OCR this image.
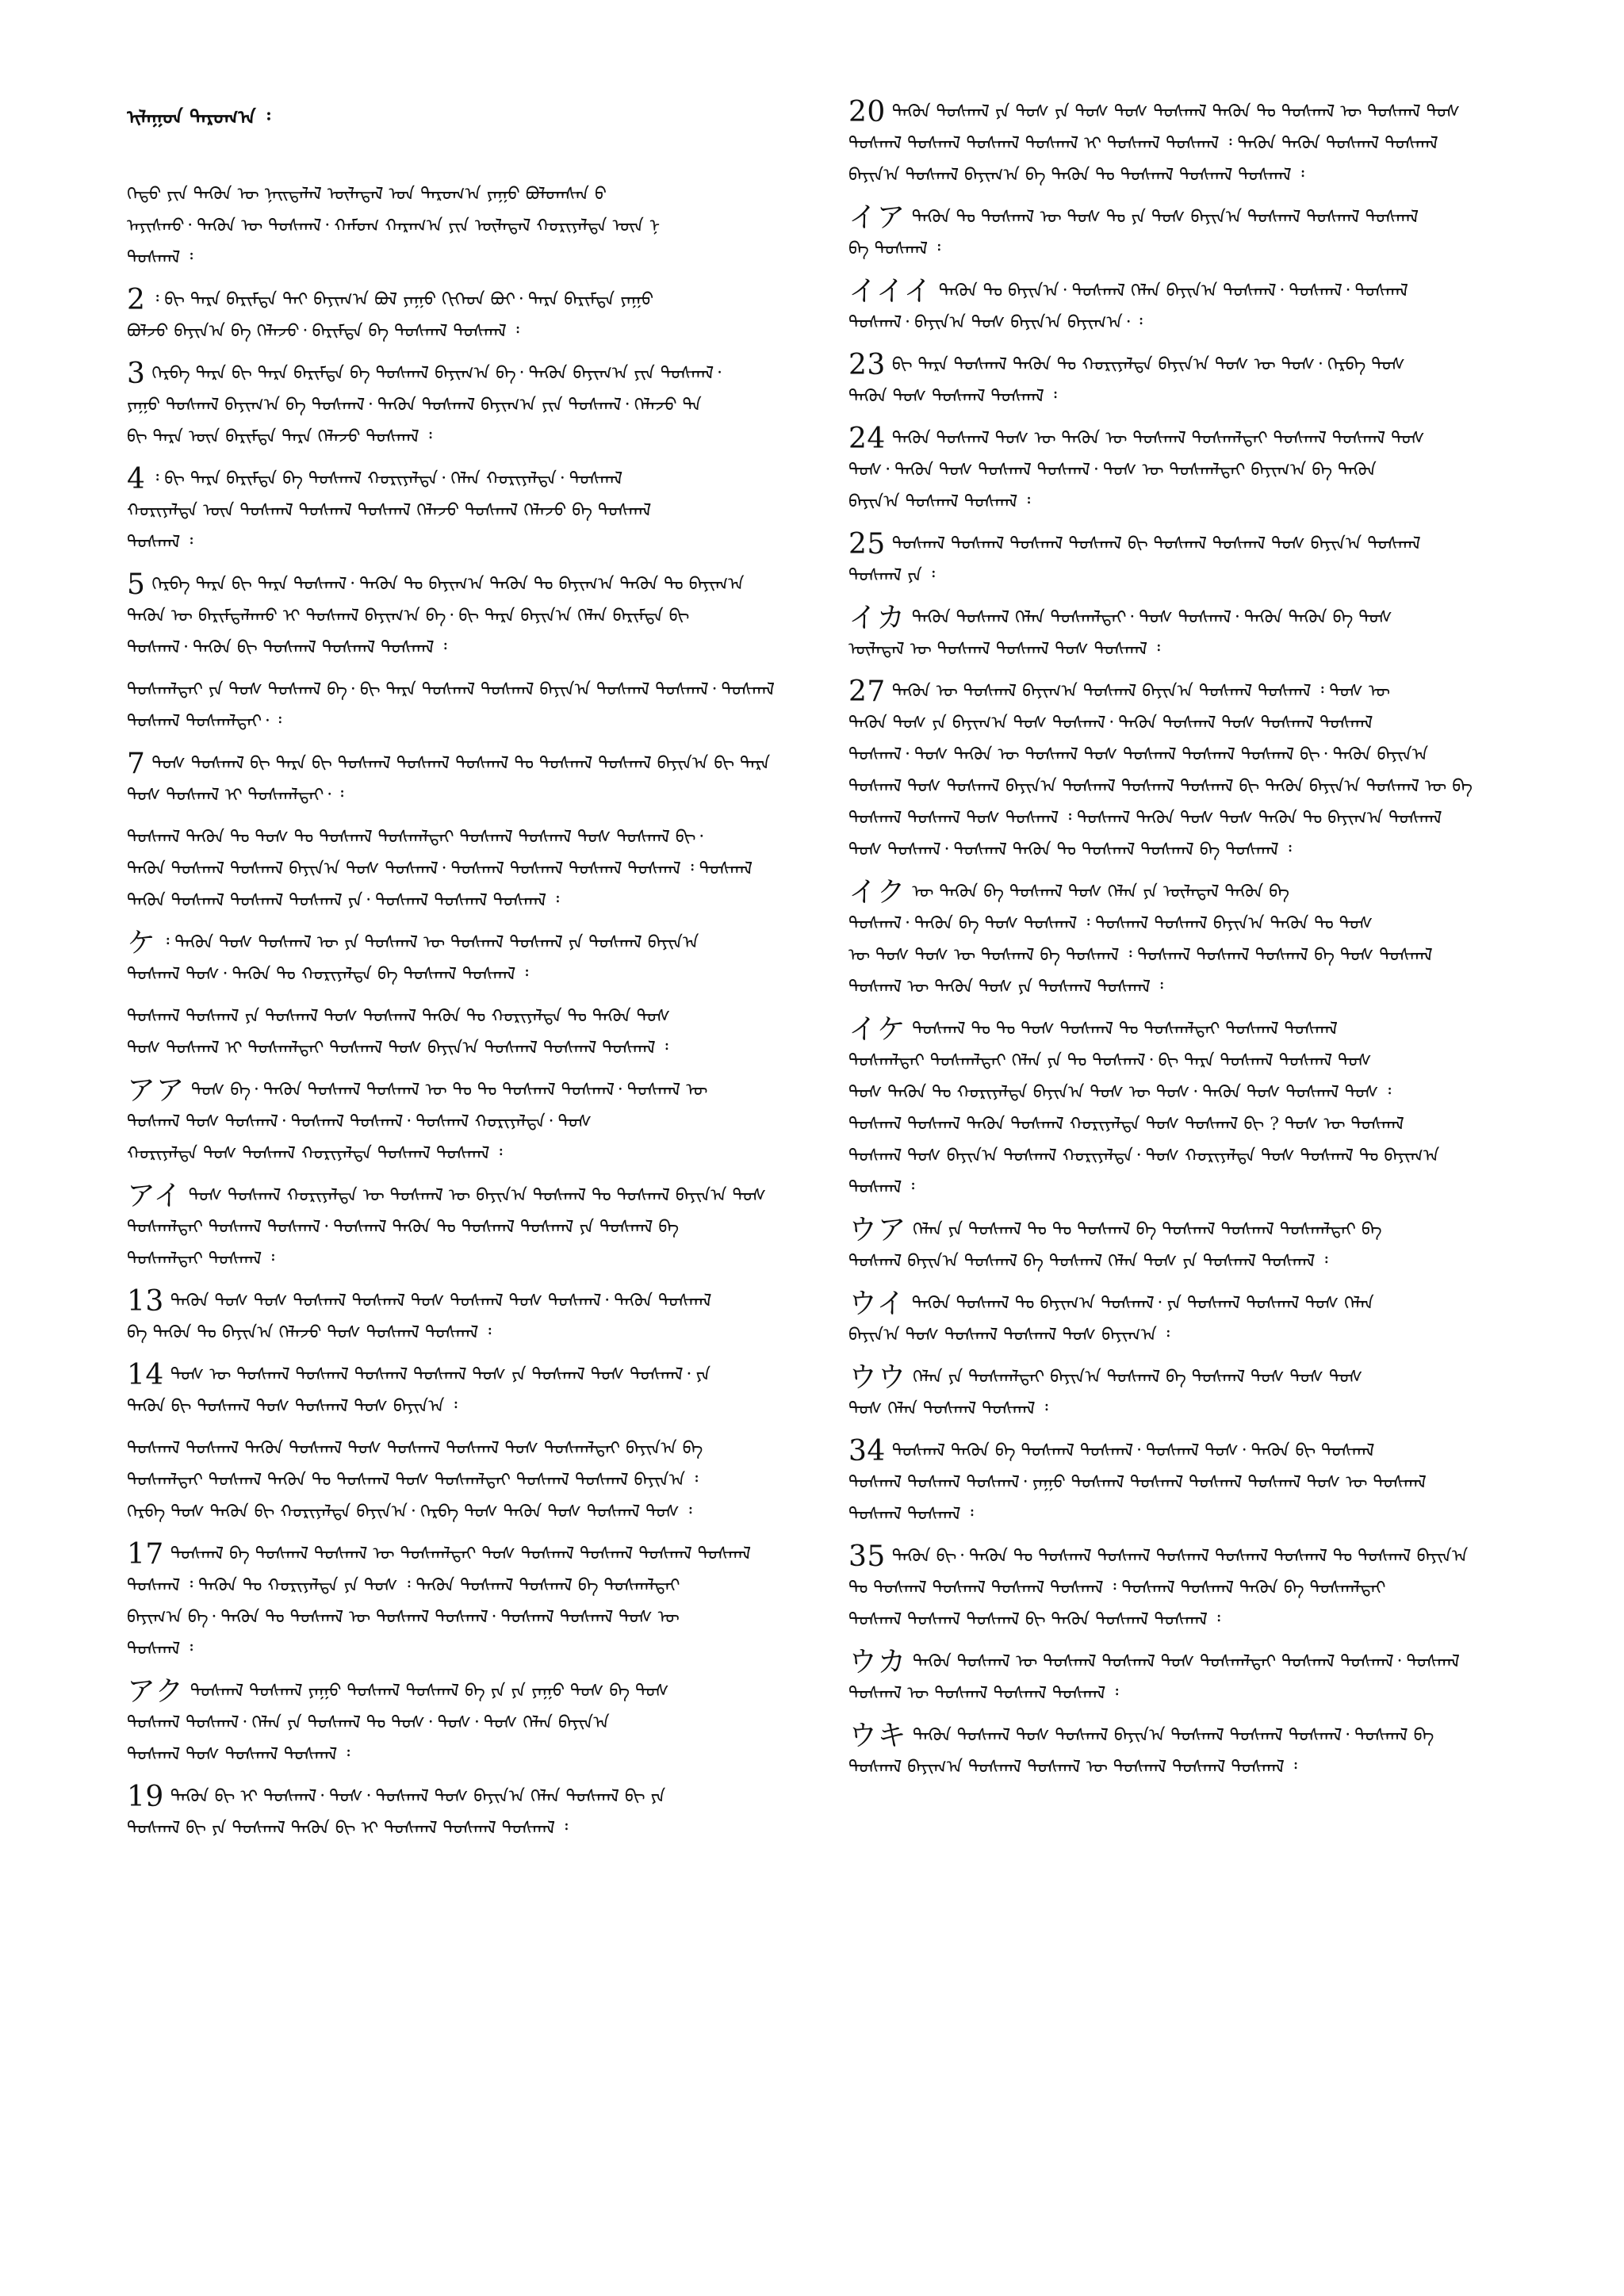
ᠢᠯᠠᠭᠤᠨ ᠳᠠᠷᠤᠭ᠎ᠠ ᠄
ᠬᠡᠳᠦ ᠶᠢᠨ ᠲᠡᠭᠦᠨ ᠦ ᠨᠡᠢᠲᠡᠯᠡᠯ ᠦᠯᠡᠳᠡᠯ ᠤᠨ ᠳᠠᠷᠤᠭ᠎ᠠ ᠶᠠᠭᠤ ᠪᠤᠯᠤᠭᠰᠠᠨ ᠪ
ᠠᠶᠢᠰᠬᠤ᠂ ᠲᠡᠭᠦᠨ ᠦ ᠲᠤᠰᠬᠠᠯ᠂ ᠬᠠᠮᠤᠭ ᠬᠠᠷᠠᠭ᠎ᠠ ᠶᠢᠨ ᠦᠯᠡᠳᠡᠯ ᠬᠤᠷᠢᠶᠠᠯᠲᠠ ᠦᠨ ᠨ
ᠲᠤᠰᠬᠠᠯ ᠄
2 ᠄ ᠪᠢ ᠲᠡᠷᠡ ᠪᠠᠷᠢᠮᠲᠠ ᠲᠠᠢ ᠪᠠᠶᠢᠭ᠎ᠠ ᠪᠣᠯ ᠶᠠᠭᠤ ᠬᠢᠭᠡᠳ ᠪᠤᠢ᠂ ᠲᠡᠷᠡ ᠪᠠᠷᠢᠮᠲᠠ ᠶᠠᠭᠤ
ᠪᠣᠯᠵᠤ ᠪᠠᠶᠢᠨ᠎ᠠ ᠪᠡ ᠬᠡᠯᠡᠵᠦ᠂ ᠪᠠᠷᠢᠮᠲᠠ ᠪᠡ ᠲᠤᠰᠬᠠᠯ ᠲᠤᠰᠬᠠᠯ ᠄
3 ᠬᠡᠷᠪᠡ ᠲᠡᠷᠡ ᠪᠢ ᠲᠡᠷᠡ ᠪᠠᠷᠢᠮᠲᠠ ᠪᠡ ᠲᠤᠰᠬᠠᠯ ᠪᠠᠶᠢᠭ᠎ᠠ ᠪᠡ᠂ ᠲᠡᠭᠦᠨ ᠪᠠᠶᠢᠭ᠎ᠠ ᠶᠢᠨ ᠲᠤᠰᠬᠠᠯ᠂
ᠶᠠᠭᠤ ᠲᠤᠰᠬᠠᠯ ᠪᠠᠶᠢᠭ᠎ᠠ ᠪᠡ ᠲᠤᠰᠬᠠᠯ᠂ ᠲᠡᠭᠦᠨ ᠲᠤᠰᠬᠠᠯ ᠪᠠᠶᠢᠭ᠎ᠠ ᠶᠢᠨ ᠲᠤᠰᠬᠠᠯ᠂ ᠬᠡᠯᠡᠵᠦ ᠲᠡ
ᠪᠢ ᠲᠡᠷᠡ ᠦᠨ ᠪᠠᠷᠢᠮᠲᠠ ᠲᠡᠷᠡ ᠬᠡᠯᠡᠵᠦ ᠲᠤᠰᠬᠠᠯ ᠄
4 ᠄ ᠪᠢ ᠲᠡᠷᠡ ᠪᠠᠷᠢᠮᠲᠠ ᠪᠡ ᠲᠤᠰᠬᠠᠯ ᠬᠤᠷᠢᠶᠠᠯᠲᠠ᠂ ᠬᠡᠯᠡᠨ ᠬᠤᠷᠢᠶᠠᠯᠲᠠ᠂ ᠲᠤᠰᠬᠠᠯ
ᠬᠤᠷᠢᠶᠠᠯᠲᠠ ᠦᠨ ᠲᠤᠰᠬᠠᠯ ᠲᠤᠰᠬᠠᠯ ᠲᠤᠰᠬᠠᠯ ᠬᠡᠯᠡᠵᠦ ᠲᠤᠰᠬᠠᠯ ᠬᠡᠯᠡᠵᠦ ᠪᠡ ᠲᠤᠰᠬᠠᠯ
ᠲᠤᠰᠬᠠᠯ ᠄
5 ᠬᠡᠷᠪᠡ ᠲᠡᠷᠡ ᠪᠢ ᠲᠡᠷᠡ ᠲᠤᠰᠬᠠᠯ᠂ ᠲᠡᠭᠦᠨ ᠲᠤ ᠪᠠᠶᠢᠭ᠎ᠠ ᠲᠡᠭᠦᠨ ᠲᠤ ᠪᠠᠶᠢᠭ᠎ᠠ ᠲᠡᠭᠦᠨ ᠲᠤ ᠪᠠᠶᠢᠭ᠎ᠠ
ᠲᠡᠭᠦᠨ ᠦ ᠪᠠᠷᠢᠮᠲᠠᠯᠠᠬᠤ ᠢ ᠲᠤᠰᠬᠠᠯ ᠪᠠᠶᠢᠭ᠎ᠠ ᠪᠡ᠂ ᠪᠢ ᠲᠡᠷᠡ ᠪᠠᠶᠢᠨ᠎ᠠ ᠬᠡᠯᠡᠨ ᠪᠠᠷᠢᠮᠲᠠ ᠪᠢ
ᠲᠤᠰᠬᠠᠯ᠂ ᠲᠡᠭᠦᠨ ᠪᠢ ᠲᠤᠰᠬᠠᠯ ᠲᠤᠰᠬᠠᠯ ᠲᠤᠰᠬᠠᠯ ᠄
ᠲᠤᠰᠬᠠᠯᠲᠠᠢ ᠶᠠ ᠲᠤᠰ ᠲᠤᠰᠬᠠᠯ ᠪᠠ᠂ ᠪᠢ ᠲᠡᠷᠡ ᠲᠤᠰᠬᠠᠯ ᠲᠤᠰᠬᠠᠯ ᠪᠠᠶᠢᠨ᠎ᠠ ᠲᠤᠰᠬᠠᠯ ᠲᠤᠰᠬᠠᠯ᠂ ᠲᠤᠰᠬᠠᠯ
ᠲᠤᠰᠬᠠᠯ ᠲᠤᠰᠬᠠᠯᠲᠠᠢ᠂ ᠄
7 ᠲᠤᠰ ᠲᠤᠰᠬᠠᠯ ᠪᠢ ᠲᠡᠷᠡ ᠪᠢ ᠲᠤᠰᠬᠠᠯ ᠲᠤᠰᠬᠠᠯ ᠲᠤᠰᠬᠠᠯ ᠲᠤ ᠲᠤᠰᠬᠠᠯ ᠲᠤᠰᠬᠠᠯ ᠪᠠᠶᠢᠨ᠎ᠠ ᠪᠢ ᠲᠡᠷᠡ
ᠲᠤᠰ ᠲᠤᠰᠬᠠᠯ ᠢ ᠲᠤᠰᠬᠠᠯᠲᠠᠢ᠂ ᠄
ᠲᠤᠰᠬᠠᠯ ᠲᠡᠭᠦᠨ ᠲᠤ ᠲᠤᠰ ᠲᠤ ᠲᠤᠰᠬᠠᠯ ᠲᠤᠰᠬᠠᠯᠲᠠᠢ ᠲᠤᠰᠬᠠᠯ ᠲᠤᠰᠬᠠᠯ ᠲᠤᠰ ᠲᠤᠰᠬᠠᠯ ᠪᠢ᠂
ᠲᠡᠭᠦᠨ ᠲᠤᠰᠬᠠᠯ ᠲᠤᠰᠬᠠᠯ ᠪᠠᠶᠢᠨ᠎ᠠ ᠲᠤᠰ ᠲᠤᠰᠬᠠᠯ᠂ ᠲᠤᠰᠬᠠᠯ ᠲᠤᠰᠬᠠᠯ ᠲᠤᠰᠬᠠᠯ ᠲᠤᠰᠬᠠᠯ ᠄ ᠲᠤᠰᠬᠠᠯ
ᠲᠡᠭᠦᠨ ᠲᠤᠰᠬᠠᠯ ᠲᠤᠰᠬᠠᠯ ᠲᠤᠰᠬᠠᠯ ᠶᠠ᠂ ᠲᠤᠰᠬᠠᠯ ᠲᠤᠰᠬᠠᠯ ᠲᠤᠰᠬᠠᠯ ᠄
ケ ᠄ ᠲᠡᠭᠦᠨ ᠲᠤᠰ ᠲᠤᠰᠬᠠᠯ ᠦ ᠶᠠ ᠲᠤᠰᠬᠠᠯ ᠦ ᠲᠤᠰᠬᠠᠯ ᠲᠤᠰᠬᠠᠯ ᠶᠠ ᠲᠤᠰᠬᠠᠯ ᠪᠠᠶᠢᠨ᠎ᠠ
ᠲᠤᠰᠬᠠᠯ ᠲᠤᠰ᠂ ᠲᠡᠭᠦᠨ ᠲᠤ ᠬᠤᠷᠢᠶᠠᠯᠲᠠ ᠪᠡ ᠲᠤᠰᠬᠠᠯ ᠲᠤᠰᠬᠠᠯ ᠄
ᠲᠤᠰᠬᠠᠯ ᠲᠤᠰᠬᠠᠯ ᠶᠠ ᠲᠤᠰᠬᠠᠯ ᠲᠤᠰ ᠲᠤᠰᠬᠠᠯ ᠲᠡᠭᠦᠨ ᠲᠤ ᠬᠤᠷᠢᠶᠠᠯᠲᠠ ᠲᠤ ᠲᠡᠭᠦᠨ ᠲᠤᠰ
ᠲᠤᠰ ᠲᠤᠰᠬᠠᠯ ᠢ ᠲᠤᠰᠬᠠᠯᠲᠠᠢ ᠲᠤᠰᠬᠠᠯ ᠲᠤᠰ ᠪᠠᠶᠢᠨ᠎ᠠ ᠲᠤᠰᠬᠠᠯ ᠲᠤᠰᠬᠠᠯ ᠲᠤᠰᠬᠠᠯ ᠄
アア ᠲᠤᠰ ᠪᠠ᠂ ᠲᠡᠭᠦᠨ ᠲᠤᠰᠬᠠᠯ ᠲᠤᠰᠬᠠᠯ ᠦ ᠲᠤ ᠲᠤ ᠲᠤᠰᠬᠠᠯ ᠲᠤᠰᠬᠠᠯ᠂ ᠲᠤᠰᠬᠠᠯ ᠦ
ᠲᠤᠰᠬᠠᠯ ᠲᠤᠰ ᠲᠤᠰᠬᠠᠯ᠂ ᠲᠤᠰᠬᠠᠯ ᠲᠤᠰᠬᠠᠯ᠂ ᠲᠤᠰᠬᠠᠯ ᠬᠤᠷᠢᠶᠠᠯᠲᠠ᠂ ᠲᠤᠰ
ᠬᠤᠷᠢᠶᠠᠯᠲᠠ ᠲᠤᠰ ᠲᠤᠰᠬᠠᠯ ᠬᠤᠷᠢᠶᠠᠯᠲᠠ ᠲᠤᠰᠬᠠᠯ ᠲᠤᠰᠬᠠᠯ ᠄
アイ ᠲᠤᠰ ᠲᠤᠰᠬᠠᠯ ᠬᠤᠷᠢᠶᠠᠯᠲᠠ ᠦ ᠲᠤᠰᠬᠠᠯ ᠦ ᠪᠠᠶᠢᠨ᠎ᠠ ᠲᠤᠰᠬᠠᠯ ᠲᠤ ᠲᠤᠰᠬᠠᠯ ᠪᠠᠶᠢᠨ᠎ᠠ ᠲᠤᠰ
ᠲᠤᠰᠬᠠᠯᠲᠠᠢ ᠲᠤᠰᠬᠠᠯ ᠲᠤᠰᠬᠠᠯ᠂ ᠲᠤᠰᠬᠠᠯ ᠲᠡᠭᠦᠨ ᠲᠤ ᠲᠤᠰᠬᠠᠯ ᠲᠤᠰᠬᠠᠯ ᠶᠠ ᠲᠤᠰᠬᠠᠯ ᠪᠡ
ᠲᠤᠰᠬᠠᠯᠲᠠᠢ ᠲᠤᠰᠬᠠᠯ ᠄
13 ᠲᠡᠭᠦᠨ ᠲᠤᠰ ᠲᠤᠰ ᠲᠤᠰᠬᠠᠯ ᠲᠤᠰᠬᠠᠯ ᠲᠤᠰ ᠲᠤᠰᠬᠠᠯ ᠲᠤᠰ ᠲᠤᠰᠬᠠᠯ᠂ ᠲᠡᠭᠦᠨ ᠲᠤᠰᠬᠠᠯ
ᠪᠡ ᠲᠡᠭᠦᠨ ᠲᠤ ᠪᠠᠶᠢᠨ᠎ᠠ ᠬᠡᠯᠡᠵᠦ ᠲᠤᠰ ᠲᠤᠰᠬᠠᠯ ᠲᠤᠰᠬᠠᠯ ᠄
14 ᠲᠤᠰ ᠦ ᠲᠤᠰᠬᠠᠯ ᠲᠤᠰᠬᠠᠯ ᠲᠤᠰᠬᠠᠯ ᠲᠤᠰᠬᠠᠯ ᠲᠤᠰ ᠶᠠ ᠲᠤᠰᠬᠠᠯ ᠲᠤᠰ ᠲᠤᠰᠬᠠᠯ᠂ ᠶᠠ
ᠲᠡᠭᠦᠨ ᠪᠢ ᠲᠤᠰᠬᠠᠯ ᠲᠤᠰ ᠲᠤᠰᠬᠠᠯ ᠲᠤᠰ ᠪᠠᠶᠢᠨ᠎ᠠ ᠄
ᠲᠤᠰᠬᠠᠯ ᠲᠤᠰᠬᠠᠯ ᠲᠡᠭᠦᠨ ᠲᠤᠰᠬᠠᠯ ᠲᠤᠰ ᠲᠤᠰᠬᠠᠯ ᠲᠤᠰᠬᠠᠯ ᠲᠤᠰ ᠲᠤᠰᠬᠠᠯᠲᠠᠢ ᠪᠠᠶᠢᠨ᠎ᠠ ᠪᠡ
ᠲᠤᠰᠬᠠᠯᠲᠠᠢ ᠲᠤᠰᠬᠠᠯ ᠲᠡᠭᠦᠨ ᠲᠤ ᠲᠤᠰᠬᠠᠯ ᠲᠤᠰ ᠲᠤᠰᠬᠠᠯᠲᠠᠢ ᠲᠤᠰᠬᠠᠯ ᠲᠤᠰᠬᠠᠯ ᠪᠠᠶᠢᠨ᠎ᠠ ᠄
ᠬᠡᠷᠪᠡ ᠲᠤᠰ ᠲᠡᠭᠦᠨ ᠪᠢ ᠬᠤᠷᠢᠶᠠᠯᠲᠠ ᠪᠠᠶᠢᠨ᠎ᠠ᠂ ᠬᠡᠷᠪᠡ ᠲᠤᠰ ᠲᠡᠭᠦᠨ ᠲᠤᠰ ᠲᠤᠰᠬᠠᠯ ᠲᠤᠰ ᠄
17 ᠲᠤᠰᠬᠠᠯ ᠪᠡ ᠲᠤᠰᠬᠠᠯ ᠲᠤᠰᠬᠠᠯ ᠦ ᠲᠤᠰᠬᠠᠯᠲᠠᠢ ᠲᠤᠰ ᠲᠤᠰᠬᠠᠯ ᠲᠤᠰᠬᠠᠯ ᠲᠤᠰᠬᠠᠯ ᠲᠤᠰᠬᠠᠯ
ᠲᠤᠰᠬᠠᠯ ᠄ ᠲᠡᠭᠦᠨ ᠲᠤ ᠬᠤᠷᠢᠶᠠᠯᠲᠠ ᠶᠠ ᠲᠤᠰ ᠄ ᠲᠡᠭᠦᠨ ᠲᠤᠰᠬᠠᠯ ᠲᠤᠰᠬᠠᠯ ᠪᠡ ᠲᠤᠰᠬᠠᠯᠲᠠᠢ
ᠪᠠᠶᠢᠭ᠎ᠠ ᠪᠡ᠂ ᠲᠡᠭᠦᠨ ᠲᠤ ᠲᠤᠰᠬᠠᠯ ᠦ ᠲᠤᠰᠬᠠᠯ ᠲᠤᠰᠬᠠᠯ᠂ ᠲᠤᠰᠬᠠᠯ ᠲᠤᠰᠬᠠᠯ ᠲᠤᠰ ᠦ
ᠲᠤᠰᠬᠠᠯ ᠄
アク ᠲᠤᠰᠬᠠᠯ ᠲᠤᠰᠬᠠᠯ ᠶᠠᠭᠤ ᠲᠤᠰᠬᠠᠯ ᠲᠤᠰᠬᠠᠯ ᠪᠡ ᠶᠠ ᠶᠠ ᠶᠠᠭᠤ ᠲᠤᠰ ᠪᠡ ᠲᠤᠰ
ᠲᠤᠰᠬᠠᠯ ᠲᠤᠰᠬᠠᠯ᠂ ᠬᠡᠯᠡᠨ ᠶᠠ ᠲᠤᠰᠬᠠᠯ ᠲᠤ ᠲᠤᠰ᠂ ᠲᠤᠰ᠂ ᠲᠤᠰ ᠬᠡᠯᠡᠨ ᠪᠠᠶᠢᠨ᠎ᠠ
ᠲᠤᠰᠬᠠᠯ ᠲᠤᠰ ᠲᠤᠰᠬᠠᠯ ᠲᠤᠰᠬᠠᠯ ᠄
19 ᠲᠡᠭᠦᠨ ᠪᠢ ᠢ ᠲᠤᠰᠬᠠᠯ᠂ ᠲᠤᠰ᠂ ᠲᠤᠰᠬᠠᠯ ᠲᠤᠰ ᠪᠠᠶᠢᠨ᠎ᠠ ᠬᠡᠯᠡᠨ ᠲᠤᠰᠬᠠᠯ ᠪᠢ ᠶᠠ
ᠲᠤᠰᠬᠠᠯ ᠪᠢ ᠶᠠ ᠲᠤᠰᠬᠠᠯ ᠲᠡᠭᠦᠨ ᠪᠢ ᠢ ᠲᠤᠰᠬᠠᠯ ᠲᠤᠰᠬᠠᠯ ᠲᠤᠰᠬᠠᠯ ᠄
20 ᠲᠡᠭᠦᠨ ᠲᠤᠰᠬᠠᠯ ᠶᠠ ᠲᠤᠰ ᠶᠠ ᠲᠤᠰ ᠲᠤᠰ ᠲᠤᠰᠬᠠᠯ ᠲᠡᠭᠦᠨ ᠲᠤ ᠲᠤᠰᠬᠠᠯ ᠦ ᠲᠤᠰᠬᠠᠯ ᠲᠤᠰ
ᠲᠤᠰᠬᠠᠯ ᠲᠤᠰᠬᠠᠯ ᠲᠤᠰᠬᠠᠯ ᠲᠤᠰᠬᠠᠯ ᠢ ᠲᠤᠰᠬᠠᠯ ᠲᠤᠰᠬᠠᠯ ᠄ ᠲᠡᠭᠦᠨ ᠲᠡᠭᠦᠨ ᠲᠤᠰᠬᠠᠯ ᠲᠤᠰᠬᠠᠯ
ᠪᠠᠶᠢᠨ᠎ᠠ ᠲᠤᠰᠬᠠᠯ ᠪᠠᠶᠢᠭ᠎ᠠ ᠪᠡ ᠲᠡᠭᠦᠨ ᠲᠤ ᠲᠤᠰᠬᠠᠯ ᠲᠤᠰᠬᠠᠯ ᠲᠤᠰᠬᠠᠯ ᠄
イア ᠲᠡᠭᠦᠨ ᠲᠤ ᠲᠤᠰᠬᠠᠯ ᠦ ᠲᠤᠰ ᠲᠤ ᠶᠠ ᠲᠤᠰ ᠪᠠᠶᠢᠨ᠎ᠠ ᠲᠤᠰᠬᠠᠯ ᠲᠤᠰᠬᠠᠯ ᠲᠤᠰᠬᠠᠯ
ᠪᠡ ᠲᠤᠰᠬᠠᠯ ᠄
イイイ ᠲᠡᠭᠦᠨ ᠲᠤ ᠪᠠᠶᠢᠨ᠎ᠠ᠂ ᠲᠤᠰᠬᠠᠯ ᠬᠡᠯᠡᠨ ᠪᠠᠶᠢᠨ᠎ᠠ ᠲᠤᠰᠬᠠᠯ᠂ ᠲᠤᠰᠬᠠᠯ᠂ ᠲᠤᠰᠬᠠᠯ
ᠲᠤᠰᠬᠠᠯ᠂ ᠪᠠᠶᠢᠨ᠎ᠠ ᠲᠤᠰ ᠪᠠᠶᠢᠨ᠎ᠠ ᠪᠠᠶᠢᠭ᠎ᠠ᠂ ᠄
23 ᠪᠢ ᠲᠡᠷᠡ ᠲᠤᠰᠬᠠᠯ ᠲᠡᠭᠦᠨ ᠲᠤ ᠬᠤᠷᠢᠶᠠᠯᠲᠠ ᠪᠠᠶᠢᠨ᠎ᠠ ᠲᠤᠰ ᠦ ᠲᠤᠰ᠂ ᠬᠡᠷᠪᠡ ᠲᠤᠰ
ᠲᠡᠭᠦᠨ ᠲᠤᠰ ᠲᠤᠰᠬᠠᠯ ᠲᠤᠰᠬᠠᠯ ᠄
24 ᠲᠡᠭᠦᠨ ᠲᠤᠰᠬᠠᠯ ᠲᠤᠰ ᠦ ᠲᠡᠭᠦᠨ ᠦ ᠲᠤᠰᠬᠠᠯ ᠲᠤᠰᠬᠠᠯᠲᠠᠢ ᠲᠤᠰᠬᠠᠯ ᠲᠤᠰᠬᠠᠯ ᠲᠤᠰ
ᠲᠤᠰ᠂ ᠲᠡᠭᠦᠨ ᠲᠤᠰ ᠲᠤᠰᠬᠠᠯ ᠲᠤᠰᠬᠠᠯ᠂ ᠲᠤᠰ ᠦ ᠲᠤᠰᠬᠠᠯᠲᠠᠢ ᠪᠠᠶᠢᠭ᠎ᠠ ᠪᠡ ᠲᠡᠭᠦᠨ
ᠪᠠᠶᠢᠨ᠎ᠠ ᠲᠤᠰᠬᠠᠯ ᠲᠤᠰᠬᠠᠯ ᠄
25 ᠲᠤᠰᠬᠠᠯ ᠲᠤᠰᠬᠠᠯ ᠲᠤᠰᠬᠠᠯ ᠲᠤᠰᠬᠠᠯ ᠪᠢ ᠲᠤᠰᠬᠠᠯ ᠲᠤᠰᠬᠠᠯ ᠲᠤᠰ ᠪᠠᠶᠢᠨ᠎ᠠ ᠲᠤᠰᠬᠠᠯ
ᠲᠤᠰᠬᠠᠯ ᠶᠠ ᠄
イカ ᠲᠡᠭᠦᠨ ᠲᠤᠰᠬᠠᠯ ᠬᠡᠯᠡᠨ ᠲᠤᠰᠬᠠᠯᠲᠠᠢ᠂ ᠲᠤᠰ ᠲᠤᠰᠬᠠᠯ᠂ ᠲᠡᠭᠦᠨ ᠲᠡᠭᠦᠨ ᠪᠡ ᠲᠤᠰ
ᠦᠯᠡᠳᠡᠯ ᠦ ᠲᠤᠰᠬᠠᠯ ᠲᠤᠰᠬᠠᠯ ᠲᠤᠰ ᠲᠤᠰᠬᠠᠯ ᠄
27 ᠲᠡᠭᠦᠨ ᠦ ᠲᠤᠰᠬᠠᠯ ᠪᠠᠶᠢᠭ᠎ᠠ ᠲᠤᠰᠬᠠᠯ ᠪᠠᠶᠢᠨ᠎ᠠ ᠲᠤᠰᠬᠠᠯ ᠲᠤᠰᠬᠠᠯ ᠄ ᠲᠤᠰ ᠦ
ᠲᠡᠭᠦᠨ ᠲᠤᠰ ᠶᠠ ᠪᠠᠶᠢᠭ᠎ᠠ ᠲᠤᠰ ᠲᠤᠰᠬᠠᠯ᠂ ᠲᠡᠭᠦᠨ ᠲᠤᠰᠬᠠᠯ ᠲᠤᠰ ᠲᠤᠰᠬᠠᠯ ᠲᠤᠰᠬᠠᠯ
ᠲᠤᠰᠬᠠᠯ᠂ ᠲᠤᠰ ᠲᠡᠭᠦᠨ ᠦ ᠲᠤᠰᠬᠠᠯ ᠲᠤᠰ ᠲᠤᠰᠬᠠᠯ ᠲᠤᠰᠬᠠᠯ ᠲᠤᠰᠬᠠᠯ ᠪᠢ᠂ ᠲᠡᠭᠦᠨ ᠪᠠᠶᠢᠨ᠎ᠠ
ᠲᠤᠰᠬᠠᠯ ᠲᠤᠰ ᠲᠤᠰᠬᠠᠯ ᠪᠠᠶᠢᠨ᠎ᠠ ᠲᠤᠰᠬᠠᠯ ᠲᠤᠰᠬᠠᠯ ᠲᠤᠰᠬᠠᠯ ᠪᠢ ᠲᠡᠭᠦᠨ ᠪᠠᠶᠢᠨ᠎ᠠ ᠲᠤᠰᠬᠠᠯ ᠦ ᠪᠠ
ᠲᠤᠰᠬᠠᠯ ᠲᠤᠰᠬᠠᠯ ᠲᠤᠰ ᠲᠤᠰᠬᠠᠯ ᠄ ᠲᠤᠰᠬᠠᠯ ᠲᠡᠭᠦᠨ ᠲᠤᠰ ᠲᠤᠰ ᠲᠡᠭᠦᠨ ᠲᠤ ᠪᠠᠶᠢᠭ᠎ᠠ ᠲᠤᠰᠬᠠᠯ
ᠲᠤᠰ ᠲᠤᠰᠬᠠᠯ᠂ ᠲᠤᠰᠬᠠᠯ ᠲᠡᠭᠦᠨ ᠲᠤ ᠲᠤᠰᠬᠠᠯ ᠲᠤᠰᠬᠠᠯ ᠪᠡ ᠲᠤᠰᠬᠠᠯ ᠄
イク ᠦ ᠲᠡᠭᠦᠨ ᠪᠡ ᠲᠤᠰᠬᠠᠯ ᠲᠤᠰ ᠬᠡᠯᠡᠨ ᠶᠠ ᠦᠯᠡᠳᠡᠯ ᠲᠡᠭᠦᠨ ᠪᠡ
ᠲᠤᠰᠬᠠᠯ᠂ ᠲᠡᠭᠦᠨ ᠪᠡ ᠲᠤᠰ ᠲᠤᠰᠬᠠᠯ ᠄ ᠲᠤᠰᠬᠠᠯ ᠲᠤᠰᠬᠠᠯ ᠪᠠᠶᠢᠨ᠎ᠠ ᠲᠡᠭᠦᠨ ᠲᠤ ᠲᠤᠰ
ᠦ ᠲᠤᠰ ᠲᠤᠰ ᠦ ᠲᠤᠰᠬᠠᠯ ᠪᠡ ᠲᠤᠰᠬᠠᠯ ᠄ ᠲᠤᠰᠬᠠᠯ ᠲᠤᠰᠬᠠᠯ ᠲᠤᠰᠬᠠᠯ ᠪᠠ ᠲᠤᠰ ᠲᠤᠰᠬᠠᠯ
ᠲᠤᠰᠬᠠᠯ ᠦ ᠲᠡᠭᠦᠨ ᠲᠤᠰ ᠶᠠ ᠲᠤᠰᠬᠠᠯ ᠲᠤᠰᠬᠠᠯ ᠄
イケ ᠲᠤᠰᠬᠠᠯ ᠲᠤ ᠲᠤ ᠲᠤᠰ ᠲᠤᠰᠬᠠᠯ ᠲᠤ ᠲᠤᠰᠬᠠᠯᠲᠠᠢ ᠲᠤᠰᠬᠠᠯ ᠲᠤᠰᠬᠠᠯ
ᠲᠤᠰᠬᠠᠯᠲᠠᠢ ᠲᠤᠰᠬᠠᠯᠲᠠᠢ ᠬᠡᠯᠡᠨ ᠶᠠ ᠲᠤ ᠲᠤᠰᠬᠠᠯ᠂ ᠪᠢ ᠲᠡᠷᠡ ᠲᠤᠰᠬᠠᠯ ᠲᠤᠰᠬᠠᠯ ᠲᠤᠰ
ᠲᠤᠰ ᠲᠡᠭᠦᠨ ᠲᠤ ᠬᠤᠷᠢᠶᠠᠯᠲᠠ ᠪᠠᠶᠢᠨ᠎ᠠ ᠲᠤᠰ ᠦ ᠲᠤᠰ᠂ ᠲᠡᠭᠦᠨ ᠲᠤᠰ ᠲᠤᠰᠬᠠᠯ ᠲᠤᠰ ᠄
ᠲᠤᠰᠬᠠᠯ ᠲᠤᠰᠬᠠᠯ ᠲᠡᠭᠦᠨ ᠲᠤᠰᠬᠠᠯ ᠬᠤᠷᠢᠶᠠᠯᠲᠠ ᠲᠤᠰ ᠲᠤᠰᠬᠠᠯ ᠪᠢ ? ᠲᠤᠰ ᠦ ᠲᠤᠰᠬᠠᠯ
ᠲᠤᠰᠬᠠᠯ ᠲᠤᠰ ᠪᠠᠶᠢᠨ᠎ᠠ ᠲᠤᠰᠬᠠᠯ ᠬᠤᠷᠢᠶᠠᠯᠲᠠ᠂ ᠲᠤᠰ ᠬᠤᠷᠢᠶᠠᠯᠲᠠ ᠲᠤᠰ ᠲᠤᠰᠬᠠᠯ ᠲᠤ ᠪᠠᠶᠢᠭ᠎ᠠ
ᠲᠤᠰᠬᠠᠯ ᠄
ウア ᠬᠡᠯᠡᠨ ᠶᠠ ᠲᠤᠰᠬᠠᠯ ᠲᠤ ᠲᠤ ᠲᠤᠰᠬᠠᠯ ᠪᠡ ᠲᠤᠰᠬᠠᠯ ᠲᠤᠰᠬᠠᠯ ᠲᠤᠰᠬᠠᠯᠲᠠᠢ ᠪᠡ
ᠲᠤᠰᠬᠠᠯ ᠪᠠᠶᠢᠨ᠎ᠠ ᠲᠤᠰᠬᠠᠯ ᠪᠡ ᠲᠤᠰᠬᠠᠯ ᠬᠡᠯᠡᠨ ᠲᠤᠰ ᠶᠠ ᠲᠤᠰᠬᠠᠯ ᠲᠤᠰᠬᠠᠯ ᠄
ウイ ᠲᠡᠭᠦᠨ ᠲᠤᠰᠬᠠᠯ ᠲᠤ ᠪᠠᠶᠢᠭ᠎ᠠ ᠲᠤᠰᠬᠠᠯ᠂ ᠶᠠ ᠲᠤᠰᠬᠠᠯ ᠲᠤᠰᠬᠠᠯ ᠲᠤᠰ ᠬᠡᠯᠡᠨ
ᠪᠠᠶᠢᠨ᠎ᠠ ᠲᠤᠰ ᠲᠤᠰᠬᠠᠯ ᠲᠤᠰᠬᠠᠯ ᠲᠤᠰ ᠪᠠᠶᠢᠭ᠎ᠠ ᠄
ウウ ᠬᠡᠯᠡᠨ ᠶᠠ ᠲᠤᠰᠬᠠᠯᠲᠠᠢ ᠪᠠᠶᠢᠨ᠎ᠠ ᠲᠤᠰᠬᠠᠯ ᠪᠡ ᠲᠤᠰᠬᠠᠯ ᠲᠤᠰ ᠲᠤᠰ ᠲᠤᠰ
ᠲᠤᠰ ᠬᠡᠯᠡᠨ ᠲᠤᠰᠬᠠᠯ ᠲᠤᠰᠬᠠᠯ ᠄
34 ᠲᠤᠰᠬᠠᠯ ᠲᠡᠭᠦᠨ ᠪᠡ ᠲᠤᠰᠬᠠᠯ ᠲᠤᠰᠬᠠᠯ᠂ ᠲᠤᠰᠬᠠᠯ ᠲᠤᠰ᠂ ᠲᠡᠭᠦᠨ ᠪᠢ ᠲᠤᠰᠬᠠᠯ
ᠲᠤᠰᠬᠠᠯ ᠲᠤᠰᠬᠠᠯ ᠲᠤᠰᠬᠠᠯ᠂ ᠶᠠᠭᠤ ᠲᠤᠰᠬᠠᠯ ᠲᠤᠰᠬᠠᠯ ᠲᠤᠰᠬᠠᠯ ᠲᠤᠰᠬᠠᠯ ᠲᠤᠰ ᠦ ᠲᠤᠰᠬᠠᠯ
ᠲᠤᠰᠬᠠᠯ ᠲᠤᠰᠬᠠᠯ ᠄
35 ᠲᠡᠭᠦᠨ ᠪᠢ᠂ ᠲᠡᠭᠦᠨ ᠲᠤ ᠲᠤᠰᠬᠠᠯ ᠲᠤᠰᠬᠠᠯ ᠲᠤᠰᠬᠠᠯ ᠲᠤᠰᠬᠠᠯ ᠲᠤᠰᠬᠠᠯ ᠲᠤ ᠲᠤᠰᠬᠠᠯ ᠪᠠᠶᠢᠨ᠎ᠠ
ᠲᠤ ᠲᠤᠰᠬᠠᠯ ᠲᠤᠰᠬᠠᠯ ᠲᠤᠰᠬᠠᠯ ᠲᠤᠰᠬᠠᠯ ᠄ ᠲᠤᠰᠬᠠᠯ ᠲᠤᠰᠬᠠᠯ ᠲᠡᠭᠦᠨ ᠪᠡ ᠲᠤᠰᠬᠠᠯᠲᠠᠢ
ᠲᠤᠰᠬᠠᠯ ᠲᠤᠰᠬᠠᠯ ᠲᠤᠰᠬᠠᠯ ᠪᠢ ᠲᠡᠭᠦᠨ ᠲᠤᠰᠬᠠᠯ ᠲᠤᠰᠬᠠᠯ ᠄
ウカ ᠲᠡᠭᠦᠨ ᠲᠤᠰᠬᠠᠯ ᠦ ᠲᠤᠰᠬᠠᠯ ᠲᠤᠰᠬᠠᠯ ᠲᠤᠰ ᠲᠤᠰᠬᠠᠯᠲᠠᠢ ᠲᠤᠰᠬᠠᠯ ᠲᠤᠰᠬᠠᠯ᠂ ᠲᠤᠰᠬᠠᠯ
ᠲᠤᠰᠬᠠᠯ ᠦ ᠲᠤᠰᠬᠠᠯ ᠲᠤᠰᠬᠠᠯ ᠲᠤᠰᠬᠠᠯ ᠄
ウキ ᠲᠡᠭᠦᠨ ᠲᠤᠰᠬᠠᠯ ᠲᠤᠰ ᠲᠤᠰᠬᠠᠯ ᠪᠠᠶᠢᠨ᠎ᠠ ᠲᠤᠰᠬᠠᠯ ᠲᠤᠰᠬᠠᠯ ᠲᠤᠰᠬᠠᠯ᠂ ᠲᠤᠰᠬᠠᠯ ᠪᠡ
ᠲᠤᠰᠬᠠᠯ ᠪᠠᠶᠢᠭ᠎ᠠ ᠲᠤᠰᠬᠠᠯ ᠲᠤᠰᠬᠠᠯ ᠦ ᠲᠤᠰᠬᠠᠯ ᠲᠤᠰᠬᠠᠯ ᠲᠤᠰᠬᠠᠯ ᠄
